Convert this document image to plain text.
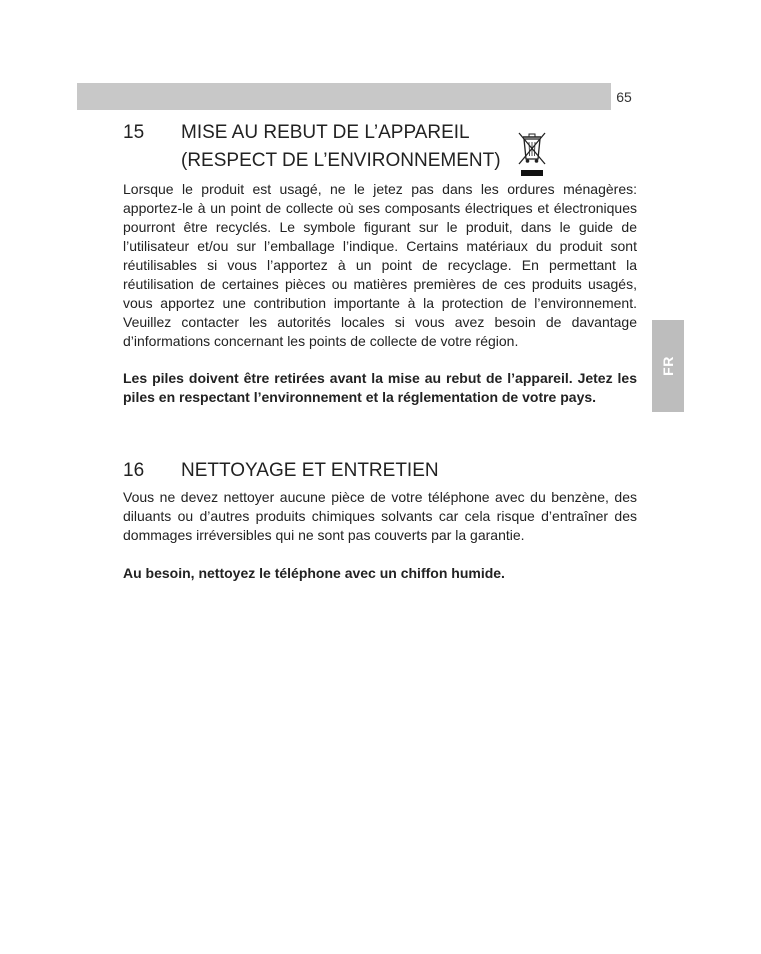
65
FR
15 MISE AU REBUT DE L’APPAREIL
(RESPECT DE L’ENVIRONNEMENT)

Lorsque le produit est usagé, ne le jetez pas dans les ordures ménagères: apportez-le à un point de collecte où ses composants électriques et électroniques pourront être recyclés. Le symbole figurant sur le produit, dans le guide de l’utilisateur et/ou sur l’emballage l’indique. Certains matériaux du produit sont réutilisables si vous l’apportez à un point de recyclage. En permettant la réutilisation de certaines pièces ou matières premières de ces produits usagés, vous apportez une contribution importante à la protection de l’environnement. Veuillez contacter les autorités locales si vous avez besoin de davantage d’informations concernant les points de collecte de votre région.

Les piles doivent être retirées avant la mise au rebut de l’appareil. Jetez les piles en respectant l’environnement et la réglementation de votre pays.

16 NETTOYAGE ET ENTRETIEN

Vous ne devez nettoyer aucune pièce de votre téléphone avec du benzène, des diluants ou d’autres produits chimiques solvants car cela risque d’entraîner des dommages irréversibles qui ne sont pas couverts par la garantie.

Au besoin, nettoyez le téléphone avec un chiffon humide.
